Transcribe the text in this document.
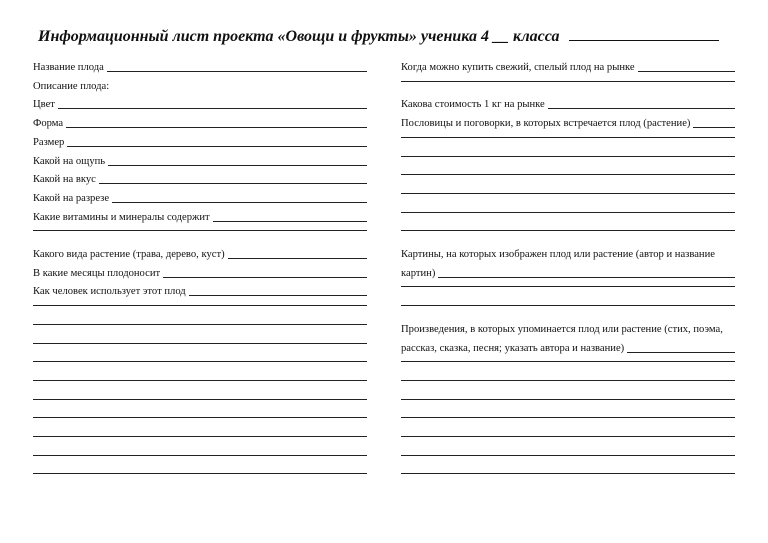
Информационный лист проекта «Овощи и фрукты» ученика 4 __ класса
Название плода
Описание плода:
Цвет
Форма
Размер
Какой на ощупь
Какой на вкус
Какой на разрезе
Какие витамины и минералы содержит
Какого вида растение (трава, дерево, куст)
В какие месяцы плодоносит
Как человек использует этот плод
Когда можно купить свежий, спелый плод на рынке
Какова стоимость 1 кг на рынке
Пословицы и поговорки, в которых встречается плод (растение)
Картины, на которых изображен плод или растение (автор и название
картин)
Произведения, в которых упоминается плод или растение (стих, поэма,
рассказ, сказка, песня; указать автора и название)
